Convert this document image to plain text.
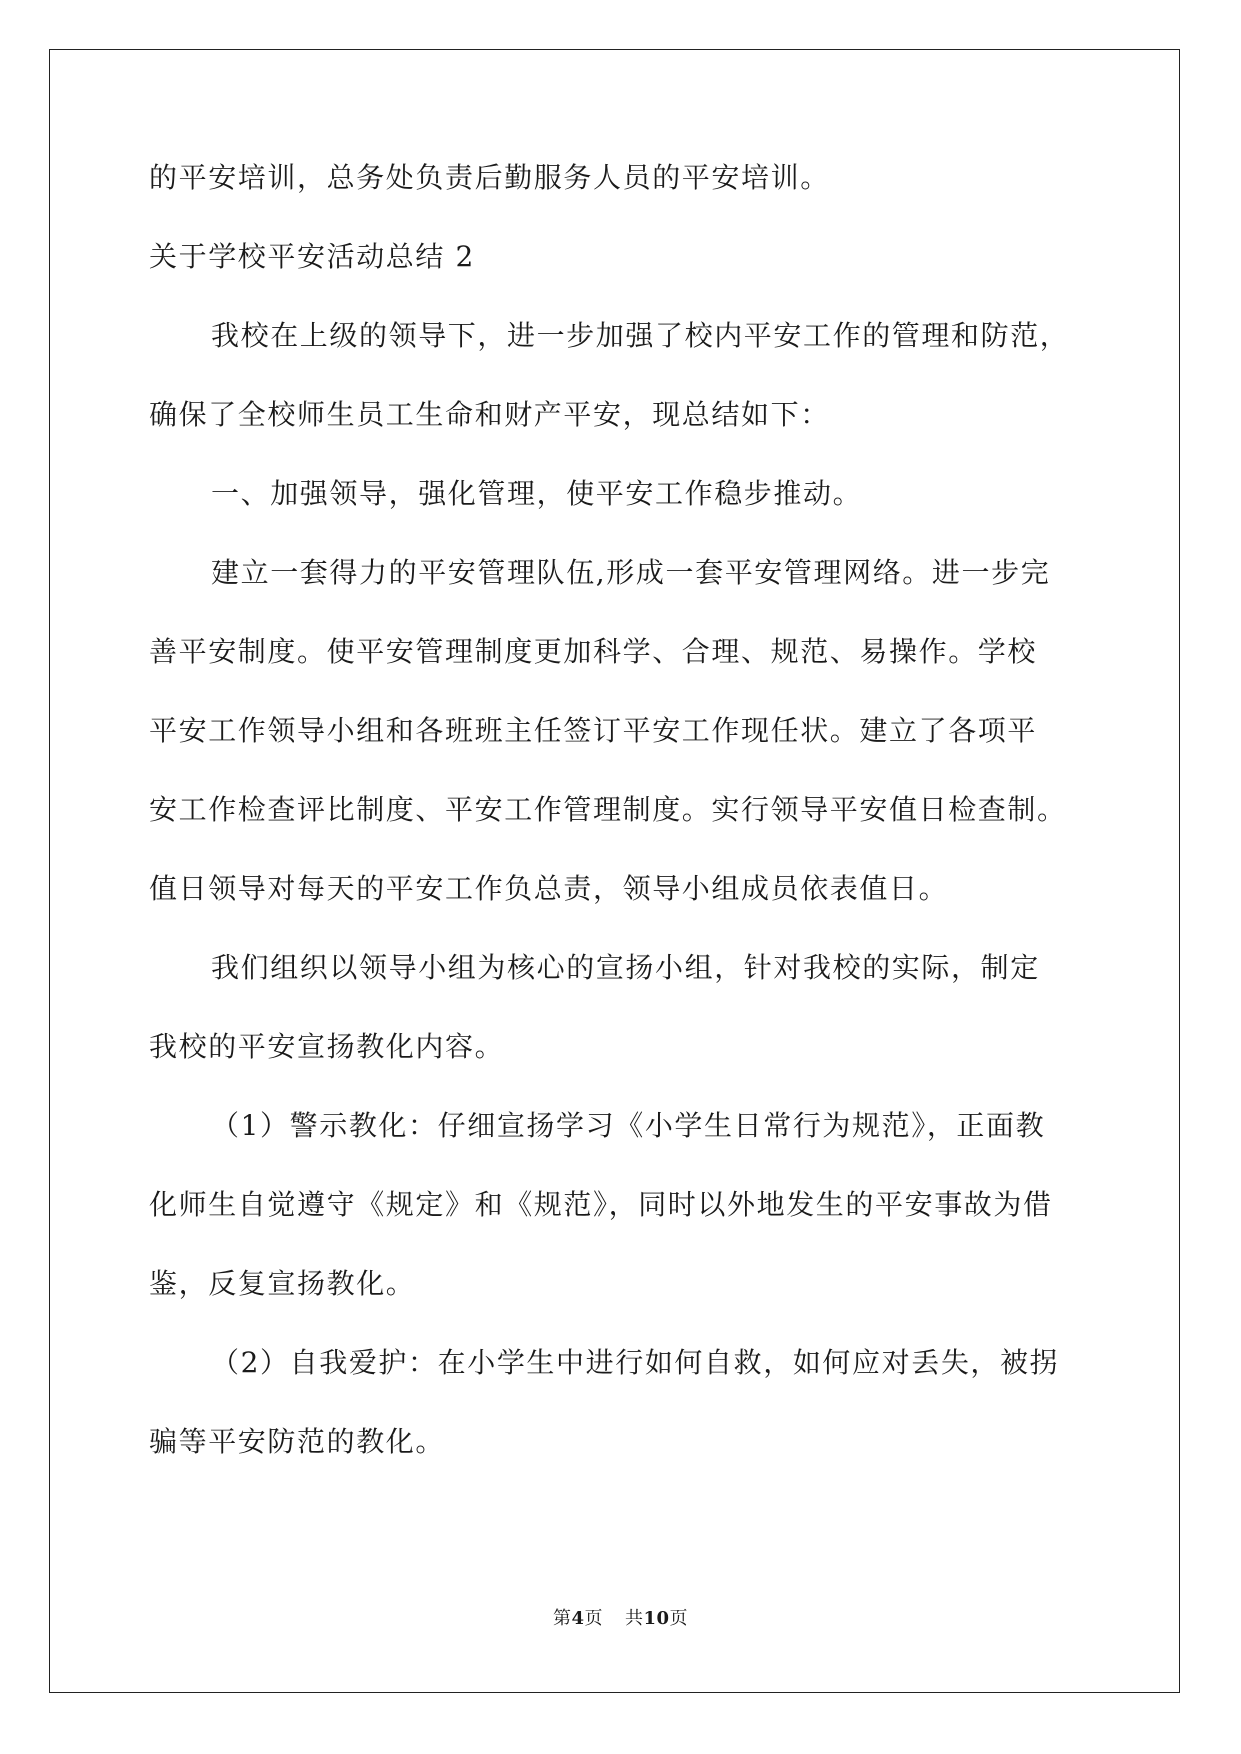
的平安培训，总务处负责后勤服务人员的平安培训。
关于学校平安活动总结 2
我校在上级的领导下，进一步加强了校内平安工作的管理和防范，
确保了全校师生员工生命和财产平安，现总结如下：
一、加强领导，强化管理，使平安工作稳步推动。
建立一套得力的平安管理队伍,形成一套平安管理网络。进一步完
善平安制度。使平安管理制度更加科学、合理、规范、易操作。学校
平安工作领导小组和各班班主任签订平安工作现任状。建立了各项平
安工作检查评比制度、平安工作管理制度。实行领导平安值日检查制。
值日领导对每天的平安工作负总责，领导小组成员依表值日。
我们组织以领导小组为核心的宣扬小组，针对我校的实际，制定
我校的平安宣扬教化内容。
（1）警示教化：仔细宣扬学习《小学生日常行为规范》，正面教
化师生自觉遵守《规定》和《规范》，同时以外地发生的平安事故为借
鉴，反复宣扬教化。
（2）自我爱护：在小学生中进行如何自救，如何应对丢失，被拐
骗等平安防范的教化。
第4页 共10页
